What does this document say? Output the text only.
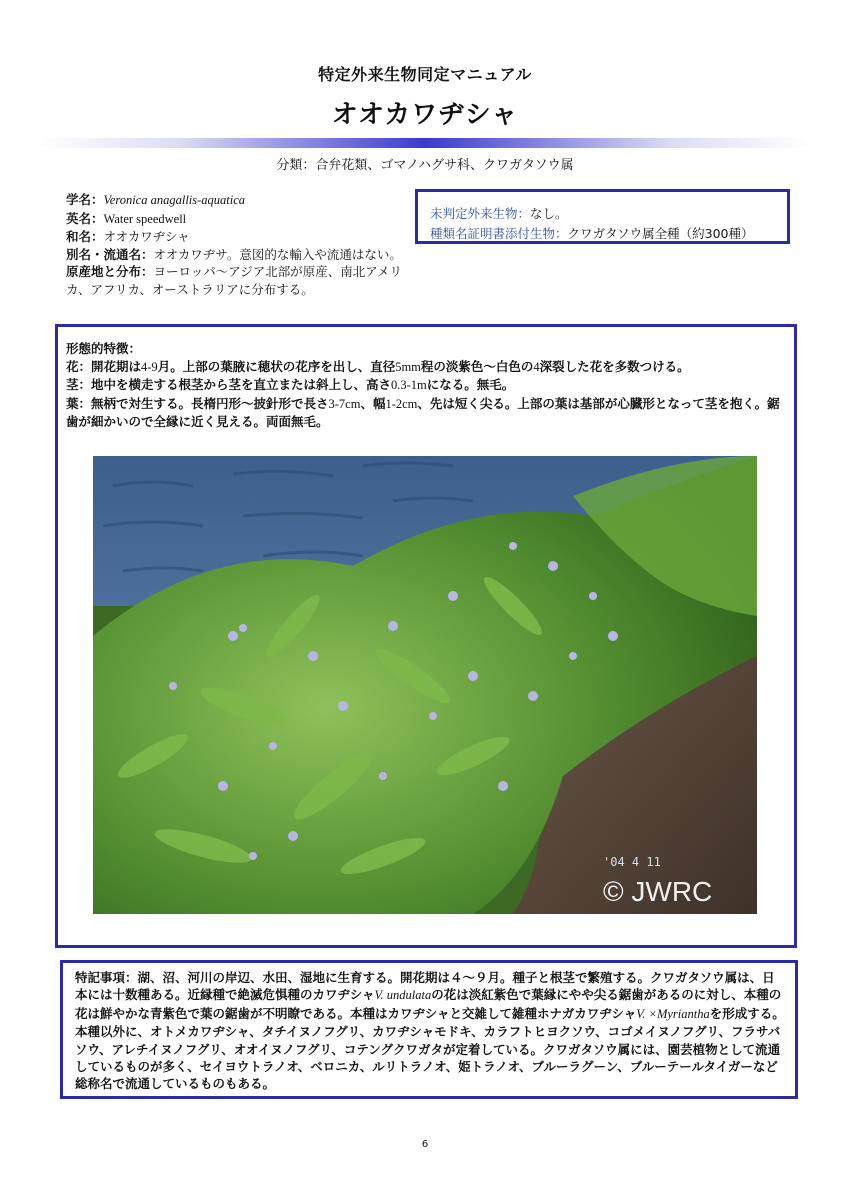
特定外来生物同定マニュアル
オオカワヂシャ
分類：合弁花類、ゴマノハグサ科、クワガタソウ属

学名：Veronica anagallis-aquatica

英名：Water speedwell

和名：オオカワヂシャ

別名・流通名：オオカワヂサ。意図的な輸入や流通はない。

原産地と分布：ヨーロッパ～アジア北部が原産、南北アメリカ、アフリカ、オーストラリアに分布する。

未判定外来生物：なし。
種類名証明書添付生物：クワガタソウ属全種（約300種）

形態的特徴：

花：開花期は4-9月。上部の葉腋に穂状の花序を出し、直径5mm程の淡紫色～白色の4深裂した花を多数つける。

茎：地中を横走する根茎から茎を直立または斜上し、高さ0.3-1mになる。無毛。

葉：無柄で対生する。長楕円形～披針形で長さ3-7cm、幅1-2cm、先は短く尖る。上部の葉は基部が心臓形となって茎を抱く。鋸歯が細かいので全縁に近く見える。両面無毛。

'04 4 11
© JWRC
特記事項：湖、沼、河川の岸辺、水田、湿地に生育する。開花期は４～９月。種子と根茎で繁殖する。クワガタソウ属は、日本には十数種ある。近縁種で絶滅危惧種のカワヂシャV. undulataの花は淡紅紫色で葉縁にやや尖る鋸歯があるのに対し、本種の花は鮮やかな青紫色で葉の鋸歯が不明瞭である。本種はカワヂシャと交雑して雑種ホナガカワヂシャV. ×Myrianthaを形成する。本種以外に、オトメカワヂシャ、タチイヌノフグリ、カワヂシャモドキ、カラフトヒヨクソウ、コゴメイヌノフグリ、フラサバソウ、アレチイヌノフグリ、オオイヌノフグリ、コテングクワガタが定着している。クワガタソウ属には、園芸植物として流通しているものが多く、セイヨウトラノオ、ベロニカ、ルリトラノオ、姫トラノオ、ブルーラグーン、ブルーテールタイガーなど総称名で流通しているものもある。
6
